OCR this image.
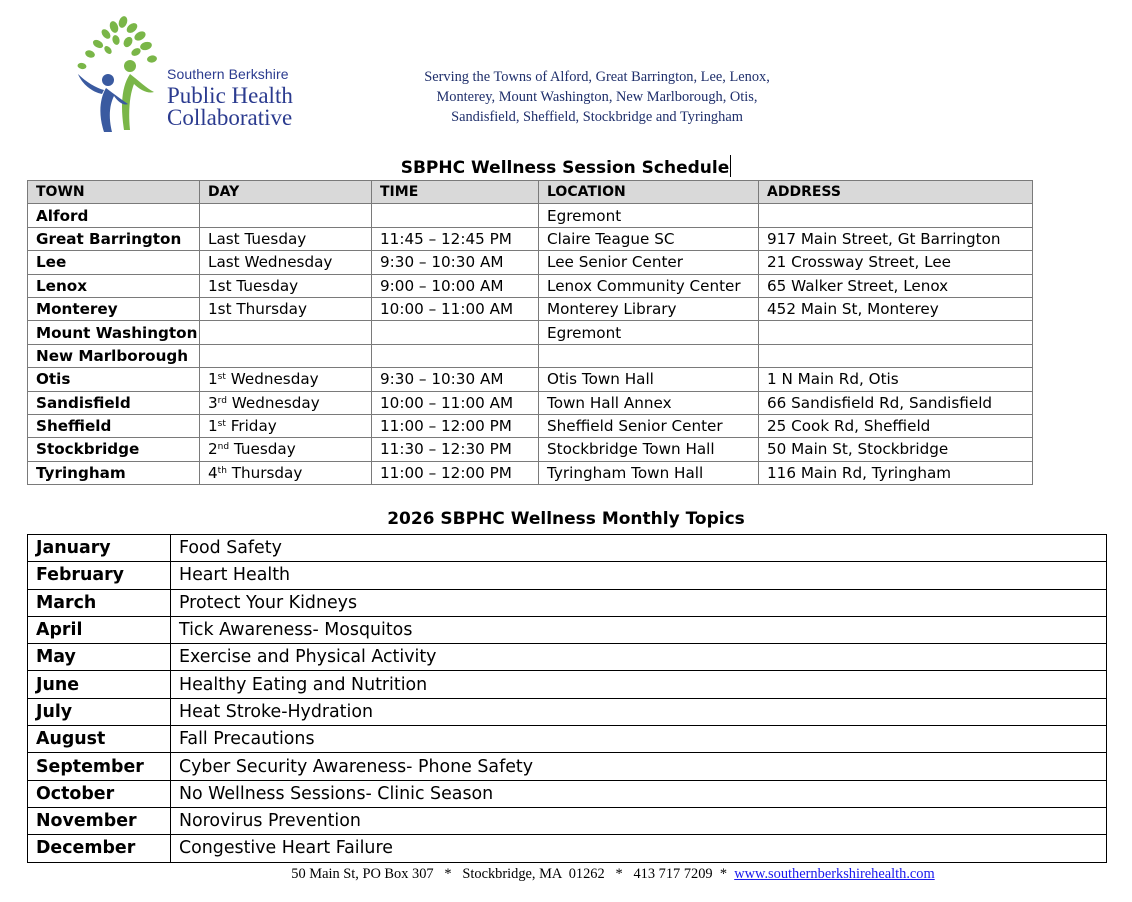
Southern Berkshire
Public Health
Collaborative
Serving the Towns of Alford, Great Barrington, Lee, Lenox,
Monterey, Mount Washington, New Marlborough, Otis,
Sandisfield, Sheffield, Stockbridge and Tyringham
SBPHC Wellness Session Schedule
TOWN	DAY	TIME	LOCATION	ADDRESS
Alford			Egremont	
Great Barrington	Last Tuesday	11:45 – 12:45 PM	Claire Teague SC	917 Main Street, Gt Barrington
Lee	Last Wednesday	9:30 – 10:30 AM	Lee Senior Center	21 Crossway Street, Lee
Lenox	1st Tuesday	9:00 – 10:00 AM	Lenox Community Center	65 Walker Street, Lenox
Monterey	1st Thursday	10:00 – 11:00 AM	Monterey Library	452 Main St, Monterey
Mount Washington			Egremont	
New Marlborough				
Otis	1st Wednesday	9:30 – 10:30 AM	Otis Town Hall	1 N Main Rd, Otis
Sandisfield	3rd Wednesday	10:00 – 11:00 AM	Town Hall Annex	66 Sandisfield Rd, Sandisfield
Sheffield	1st Friday	11:00 – 12:00 PM	Sheffield Senior Center	25 Cook Rd, Sheffield
Stockbridge	2nd Tuesday	11:30 – 12:30 PM	Stockbridge Town Hall	50 Main St, Stockbridge
Tyringham	4th Thursday	11:00 – 12:00 PM	Tyringham Town Hall	116 Main Rd, Tyringham
2026 SBPHC Wellness Monthly Topics
January	Food Safety
February	Heart Health
March	Protect Your Kidneys
April	Tick Awareness- Mosquitos
May	Exercise and Physical Activity
June	Healthy Eating and Nutrition
July	Heat Stroke-Hydration
August	Fall Precautions
September	Cyber Security Awareness- Phone Safety
October	No Wellness Sessions- Clinic Season
November	Norovirus Prevention
December	Congestive Heart Failure
50 Main St, PO Box 307   *   Stockbridge, MA  01262   *   413 717 7209  *  www.southernberkshirehealth.com
